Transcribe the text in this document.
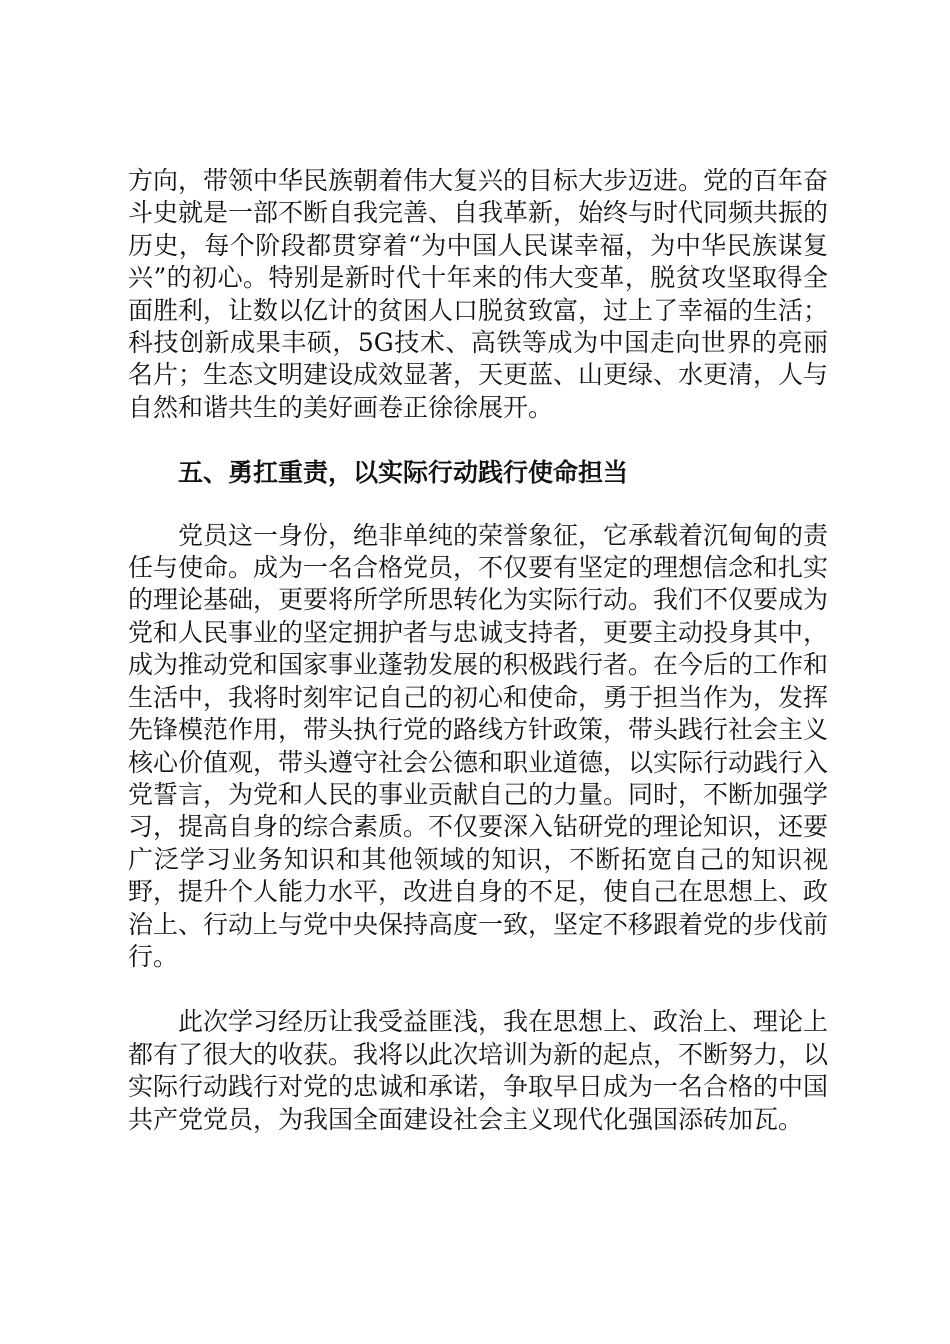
方向，带领中华民族朝着伟大复兴的目标大步迈进。党的百年奋斗史就是一部不断自我完善、自我革新，始终与时代同频共振的历史，每个阶段都贯穿着“为中国人民谋幸福，为中华民族谋复兴”的初心。特别是新时代十年来的伟大变革，脱贫攻坚取得全面胜利，让数以亿计的贫困人口脱贫致富，过上了幸福的生活；科技创新成果丰硕，5G技术、高铁等成为中国走向世界的亮丽名片；生态文明建设成效显著，天更蓝、山更绿、水更清，人与自然和谐共生的美好画卷正徐徐展开。

五、勇扛重责，以实际行动践行使命担当

党员这一身份，绝非单纯的荣誉象征，它承载着沉甸甸的责任与使命。成为一名合格党员，不仅要有坚定的理想信念和扎实的理论基础，更要将所学所思转化为实际行动。我们不仅要成为党和人民事业的坚定拥护者与忠诚支持者，更要主动投身其中，成为推动党和国家事业蓬勃发展的积极践行者。在今后的工作和生活中，我将时刻牢记自己的初心和使命，勇于担当作为，发挥先锋模范作用，带头执行党的路线方针政策，带头践行社会主义核心价值观，带头遵守社会公德和职业道德，以实际行动践行入党誓言，为党和人民的事业贡献自己的力量。同时，不断加强学习，提高自身的综合素质。不仅要深入钻研党的理论知识，还要广泛学习业务知识和其他领域的知识，不断拓宽自己的知识视野，提升个人能力水平，改进自身的不足，使自己在思想上、政治上、行动上与党中央保持高度一致，坚定不移跟着党的步伐前行。

此次学习经历让我受益匪浅，我在思想上、政治上、理论上都有了很大的收获。我将以此次培训为新的起点，不断努力，以实际行动践行对党的忠诚和承诺，争取早日成为一名合格的中国共产党党员，为我国全面建设社会主义现代化强国添砖加瓦。
